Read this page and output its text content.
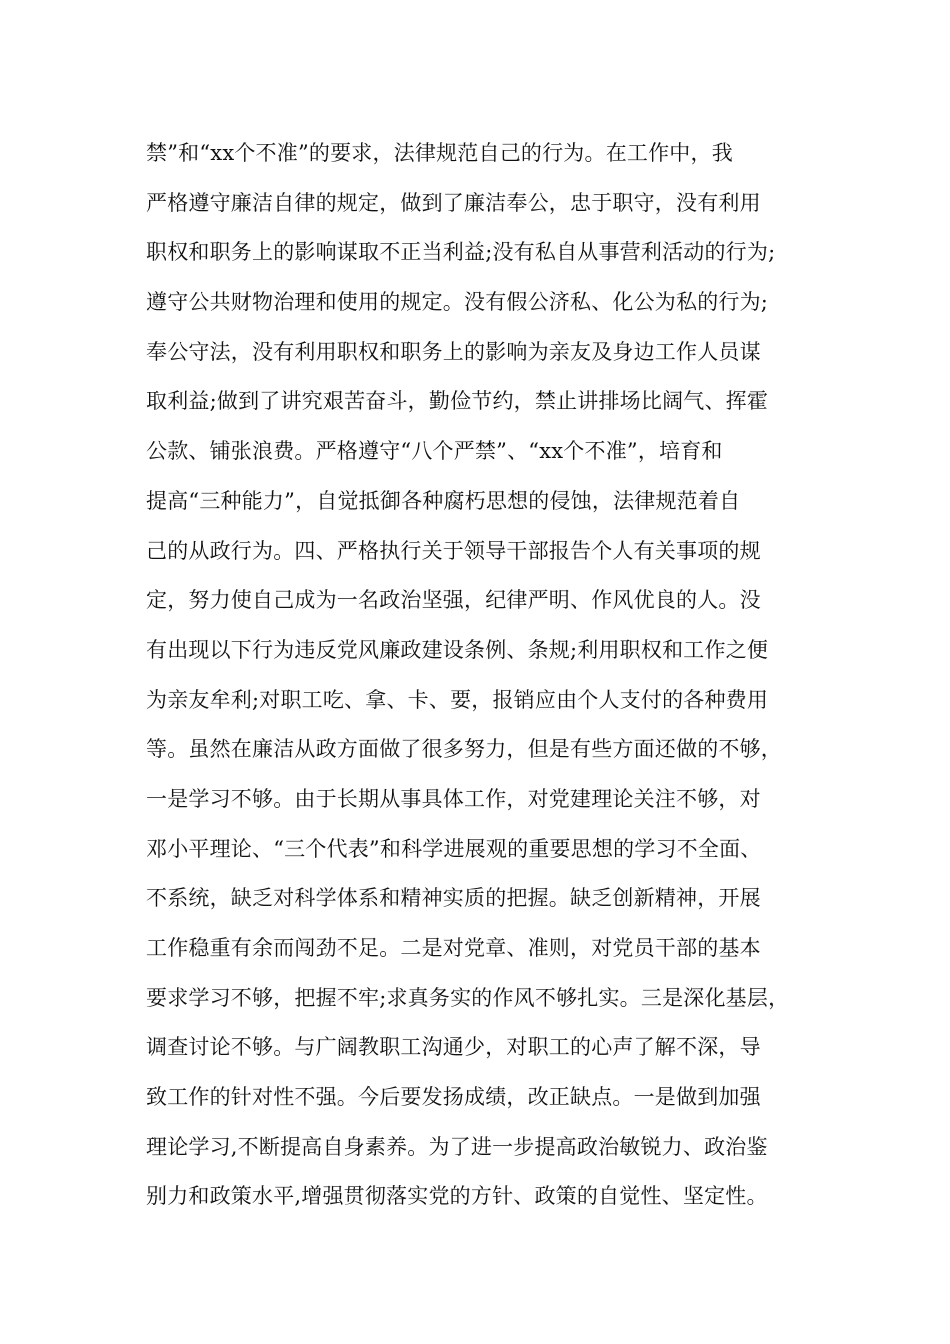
禁”和“xx个不准”的要求，法律规范自己的行为。在工作中，我
严格遵守廉洁自律的规定，做到了廉洁奉公，忠于职守，没有利用
职权和职务上的影响谋取不正当利益;没有私自从事营利活动的行为;
遵守公共财物治理和使用的规定。没有假公济私、化公为私的行为;
奉公守法，没有利用职权和职务上的影响为亲友及身边工作人员谋
取利益;做到了讲究艰苦奋斗，勤俭节约，禁止讲排场比阔气、挥霍
公款、铺张浪费。严格遵守“八个严禁”、“xx个不准”，培育和
提高“三种能力”，自觉抵御各种腐朽思想的侵蚀，法律规范着自
己的从政行为。四、严格执行关于领导干部报告个人有关事项的规
定，努力使自己成为一名政治坚强，纪律严明、作风优良的人。没
有出现以下行为违反党风廉政建设条例、条规;利用职权和工作之便
为亲友牟利;对职工吃、拿、卡、要，报销应由个人支付的各种费用
等。虽然在廉洁从政方面做了很多努力，但是有些方面还做的不够，
一是学习不够。由于长期从事具体工作，对党建理论关注不够，对
邓小平理论、“三个代表”和科学进展观的重要思想的学习不全面、
不系统，缺乏对科学体系和精神实质的把握。缺乏创新精神，开展
工作稳重有余而闯劲不足。二是对党章、准则，对党员干部的基本
要求学习不够，把握不牢;求真务实的作风不够扎实。三是深化基层，
调查讨论不够。与广阔教职工沟通少，对职工的心声了解不深，导
致工作的针对性不强。今后要发扬成绩，改正缺点。一是做到加强
理论学习,不断提高自身素养。为了进一步提高政治敏锐力、政治鉴
别力和政策水平,增强贯彻落实党的方针、政策的自觉性、坚定性。
